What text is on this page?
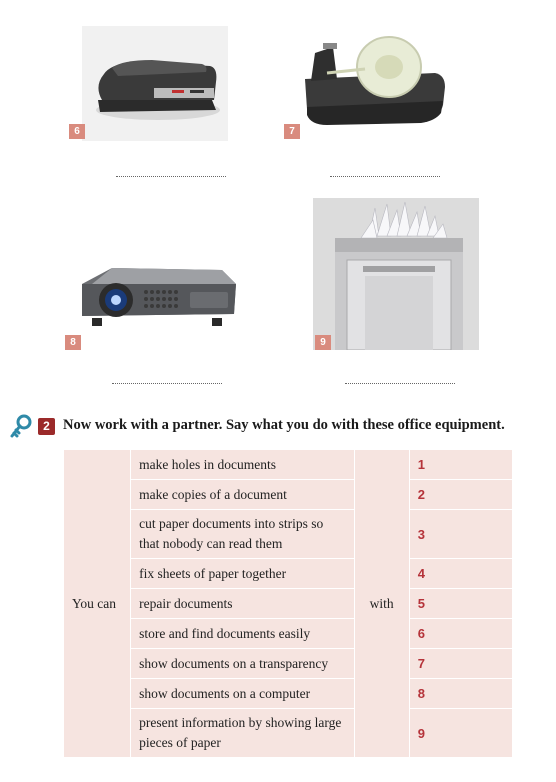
6	7
8	9
2 Now work with a partner. Say what you do with these office equipment.
You can	make holes in documents	with	1
	make copies of a document		2
	cut paper documents into strips so that nobody can read them		3
	fix sheets of paper together		4
	repair documents		5
	store and find documents easily		6
	show documents on a transparency		7
	show documents on a computer		8
	present information by showing large pieces of paper		9
